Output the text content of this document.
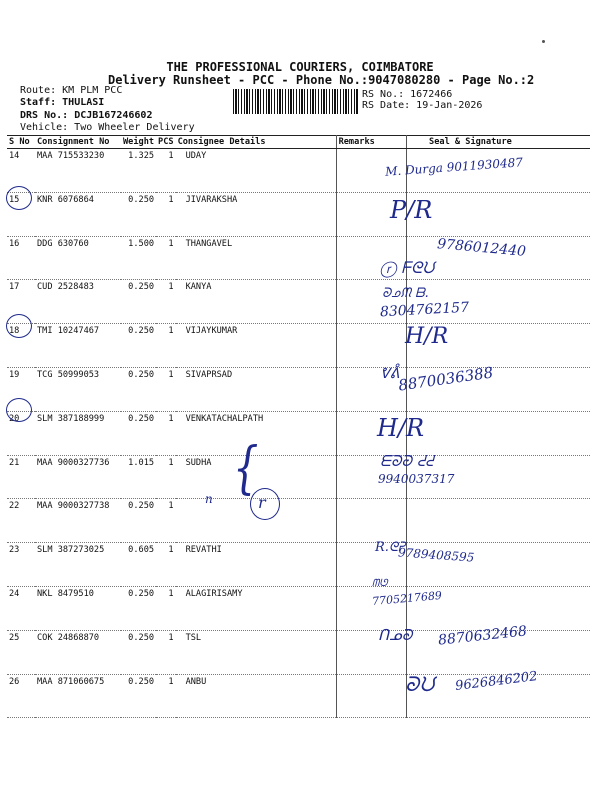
THE PROFESSIONAL COURIERS, COIMBATORE
Delivery Runsheet - PCC - Phone No.:9047080280 - Page No.:2
Route: KM PLM PCC
Staff: THULASI
DRS No.: DCJB167246602
Vehicle: Two Wheeler Delivery
RS No.: 1672466
RS Date: 19-Jan-2026
S No	Consignment No	Weight	PCS	Consignee Details	Remarks	Seal & Signature
14	MAA 715533230	1.325	1	UDAY		
15	KNR 6076864	0.250	1	JIVARAKSHA		
16	DDG 630760	1.500	1	THANGAVEL		
17	CUD 2528483	0.250	1	KANYA		
18	TMI 10247467	0.250	1	VIJAYKUMAR		
19	TCG 50999053	0.250	1	SIVAPRSAD		
20	SLM 387188999	0.250	1	VENKATACHALPATH		
21	MAA 9000327736	1.015	1	SUDHA		
22	MAA 9000327738	0.250	1			
23	SLM 387273025	0.605	1	REVATHI		
24	NKL 8479510	0.250	1	ALAGIRISAMY		
25	COK 24868870	0.250	1	TSL		
26	MAA 871060675	0.250	1	ANBU		
M. Durga 9011930487
P/R
9786012440
ⓡ ᖴᘓᙀ
ᘐᓄᙏ ᗷ.
8304762157
H/R
ᕓᕔ
8870036388
H/R
ᗴᘐᘒ ᕍᕍ
9940037317
{
n	r
R.ᘓᕈ
9789408595
ᗰᘎ
7705217689
ᑎᓄᘐ 8870632468
ᘐᙀ 9626846202
